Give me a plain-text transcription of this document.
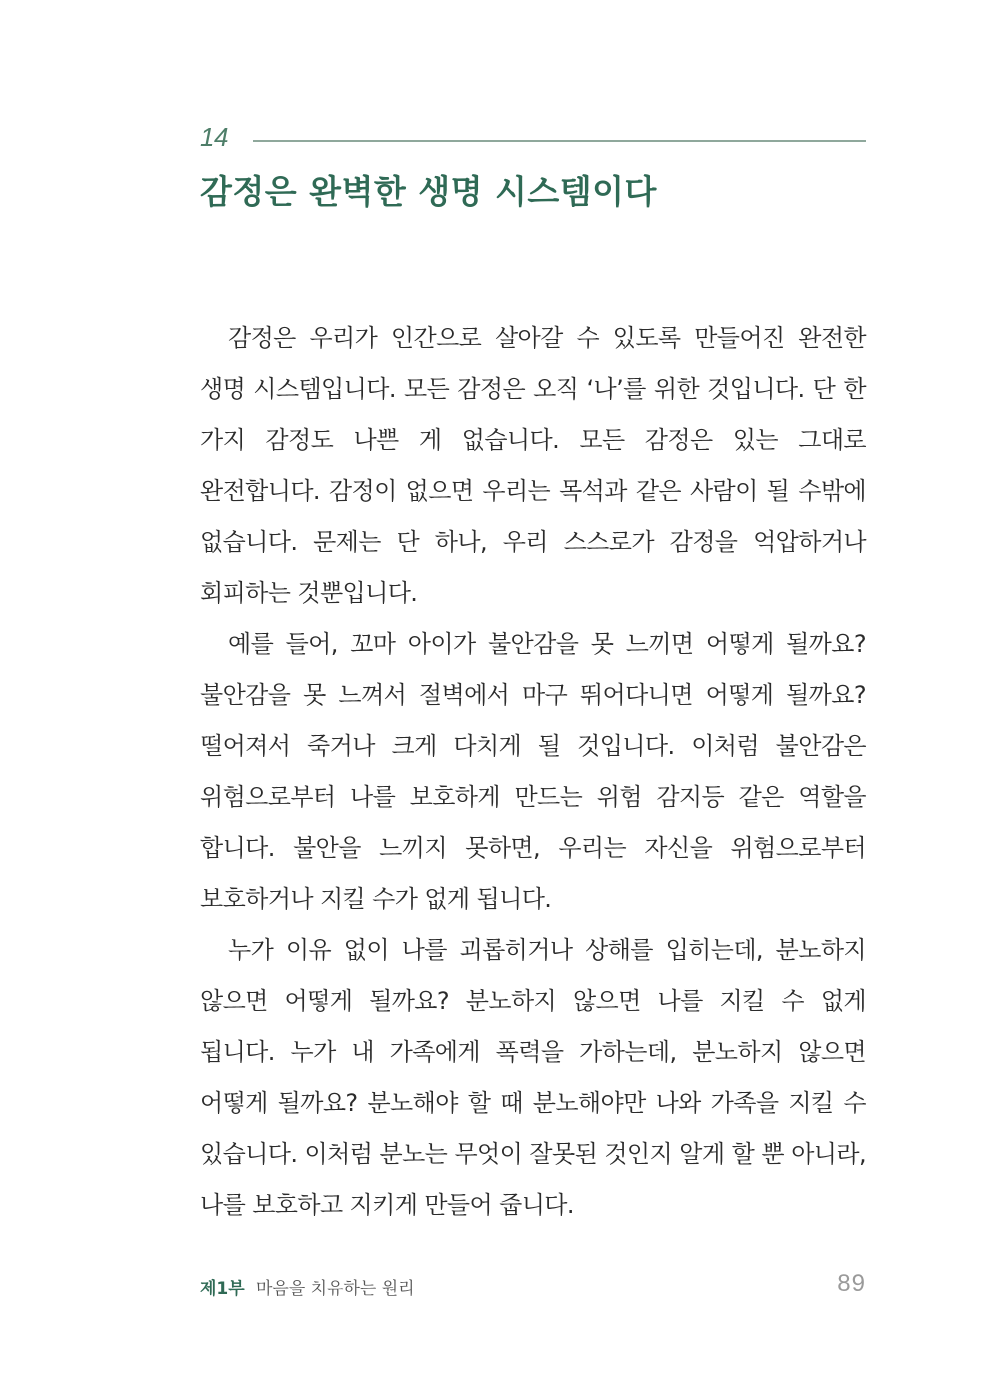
14
감정은 완벽한 생명 시스템이다

감정은 우리가 인간으로 살아갈 수 있도록 만들어진 완전한 생명 시스템입니다. 모든 감정은 오직 ‘나’를 위한 것입니다. 단 한 가지 감정도 나쁜 게 없습니다. 모든 감정은 있는 그대로 완전합니다. 감정이 없으면 우리는 목석과 같은 사람이 될 수밖에 없습니다. 문제는 단 하나, 우리 스스로가 감정을 억압하거나 회피하는 것뿐입니다.

예를 들어, 꼬마 아이가 불안감을 못 느끼면 어떻게 될까요? 불안감을 못 느껴서 절벽에서 마구 뛰어다니면 어떻게 될까요? 떨어져서 죽거나 크게 다치게 될 것입니다. 이처럼 불안감은 위험으로부터 나를 보호하게 만드는 위험 감지등 같은 역할을 합니다. 불안을 느끼지 못하면, 우리는 자신을 위험으로부터 보호하거나 지킬 수가 없게 됩니다.

누가 이유 없이 나를 괴롭히거나 상해를 입히는데, 분노하지 않으면 어떻게 될까요? 분노하지 않으면 나를 지킬 수 없게 됩니다. 누가 내 가족에게 폭력을 가하는데, 분노하지 않으면 어떻게 될까요? 분노해야 할 때 분노해야만 나와 가족을 지킬 수 있습니다. 이처럼 분노는 무엇이 잘못된 것인지 알게 할 뿐 아니라, 나를 보호하고 지키게 만들어 줍니다.

제1부 마음을 치유하는 원리	89
